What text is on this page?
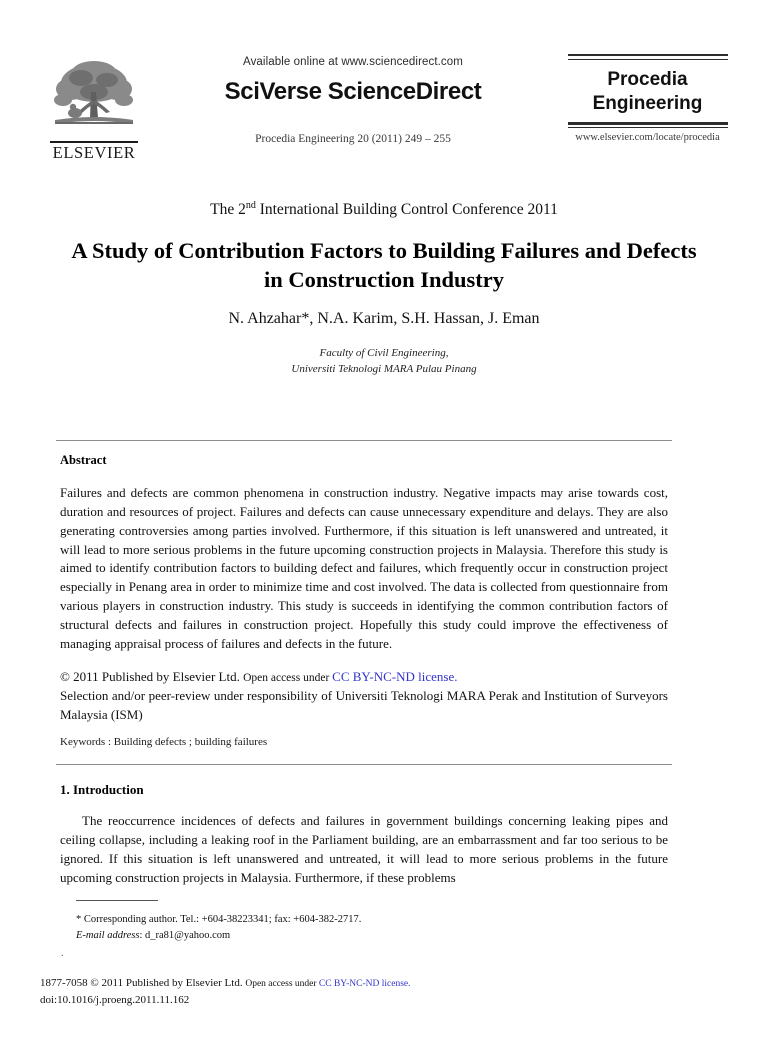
ELSEVIER
Available online at www.sciencedirect.com
SciVerse ScienceDirect
Procedia Engineering 20 (2011) 249 – 255
Procedia
Engineering
www.elsevier.com/locate/procedia
The 2nd International Building Control Conference 2011
A Study of Contribution Factors to Building Failures and Defects in Construction Industry
N. Ahzahar*, N.A. Karim, S.H. Hassan, J. Eman
Faculty of Civil Engineering,
Universiti Teknologi MARA Pulau Pinang
Abstract
Failures and defects are common phenomena in construction industry. Negative impacts may arise towards cost, duration and resources of project. Failures and defects can cause unnecessary expenditure and delays. They are also generating controversies among parties involved. Furthermore, if this situation is left unanswered and untreated, it will lead to more serious problems in the future upcoming construction projects in Malaysia. Therefore this study is aimed to identify contribution factors to building defect and failures, which frequently occur in construction project especially in Penang area in order to minimize time and cost involved. The data is collected from questionnaire from various players in construction industry. This study is succeeds in identifying the common contribution factors of structural defects and failures in construction project. Hopefully this study could improve the effectiveness of managing appraisal process of failures and defects in the future.
© 2011 Published by Elsevier Ltd. Open access under CC BY-NC-ND license.
Selection and/or peer-review under responsibility of Universiti Teknologi MARA Perak and Institution of Surveyors Malaysia (ISM)
Keywords : Building defects ; building failures
1. Introduction
The reoccurrence incidences of defects and failures in government buildings concerning leaking pipes and ceiling collapse, including a leaking roof in the Parliament building, are an embarrassment and far too serious to be ignored. If this situation is left unanswered and untreated, it will lead to more serious problems in the future upcoming construction projects in Malaysia. Furthermore, if these problems
* Corresponding author. Tel.: +604-38223341; fax: +604-382-2717.
E-mail address: d_ra81@yahoo.com
.
1877-7058 © 2011 Published by Elsevier Ltd. Open access under CC BY-NC-ND license.
doi:10.1016/j.proeng.2011.11.162
